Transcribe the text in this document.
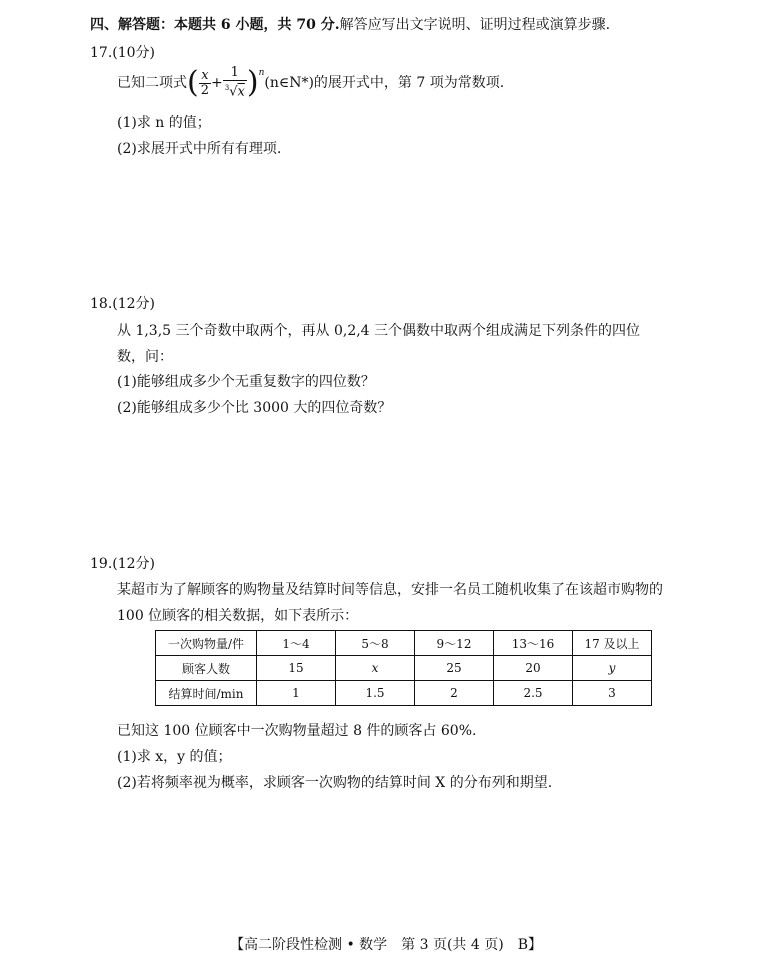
四、解答题：本题共 6 小题，共 70 分.解答应写出文字说明、证明过程或演算步骤.
17.(10分)
已知二项式( $\frac{x}{2} + \frac{1}{^3√x}$ )$^n$(n∈N*)的展开式中，第 7 项为常数项.
(1)求 n 的值；
(2)求展开式中所有有理项.
18.(12分)
从 1,3,5 三个奇数中取两个，再从 0,2,4 三个偶数中取两个组成满足下列条件的四位
数，问：
(1)能够组成多少个无重复数字的四位数？
(2)能够组成多少个比 3000 大的四位奇数？
19.(12分)
某超市为了解顾客的购物量及结算时间等信息，安排一名员工随机收集了在该超市购物的
100 位顾客的相关数据，如下表所示：
一次购物量/件	1～4	5～8	9～12	13～16	17 及以上
顾客人数	15	x	25	20	y
结算时间/min	1	1.5	2	2.5	3
已知这 100 位顾客中一次购物量超过 8 件的顾客占 60%.
(1)求 x，y 的值；
(2)若将频率视为概率，求顾客一次购物的结算时间 X 的分布列和期望.
【高二阶段性检测 • 数学　第 3 页(共 4 页)　B】
